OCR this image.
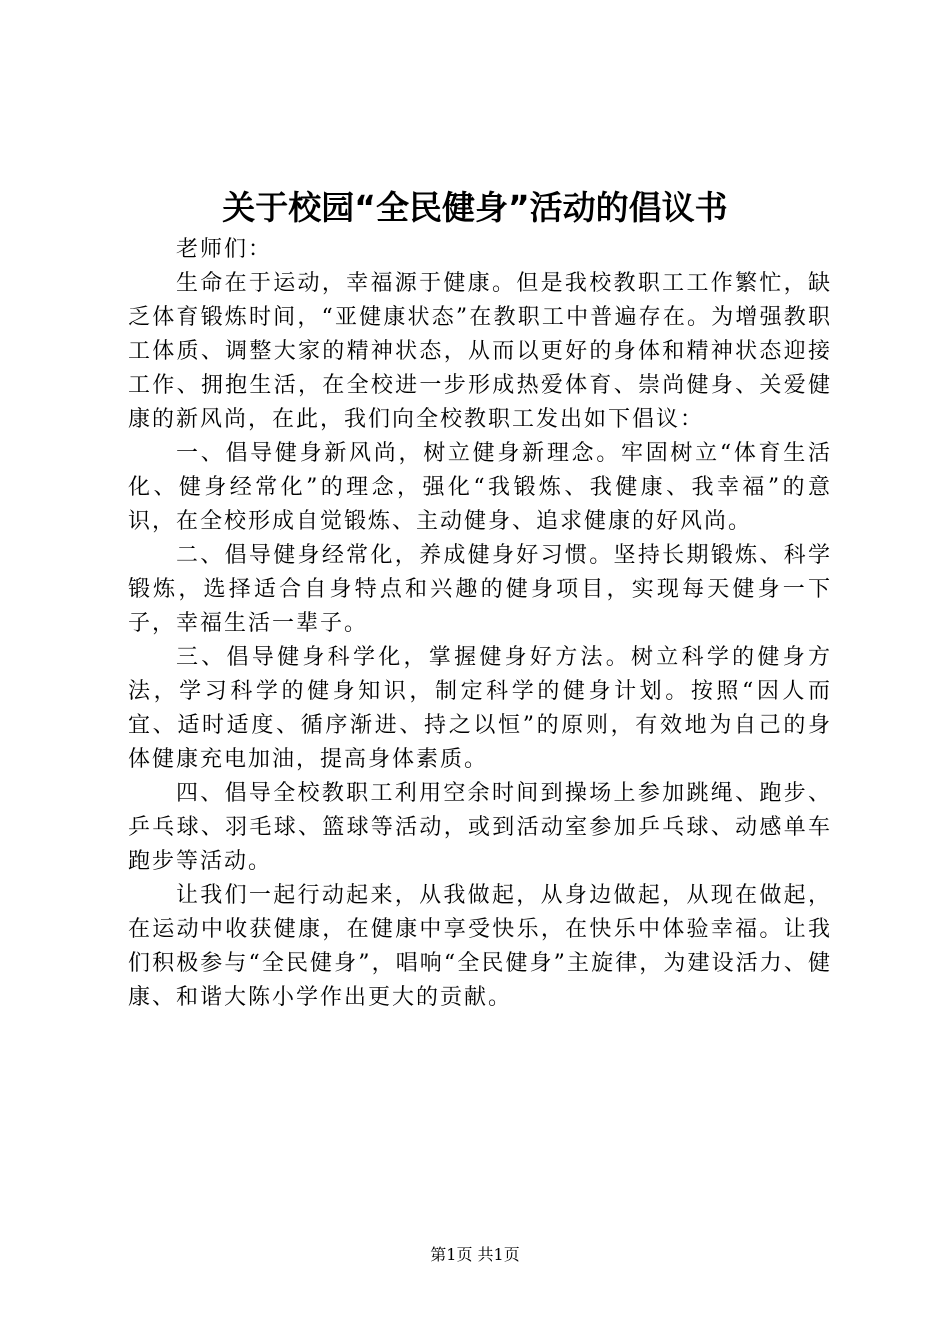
关于校园“全民健身”活动的倡议书

老师们：

生命在于运动，幸福源于健康。但是我校教职工工作繁忙，缺乏体育锻炼时间，“亚健康状态”在教职工中普遍存在。为增强教职工体质、调整大家的精神状态，从而以更好的身体和精神状态迎接工作、拥抱生活，在全校进一步形成热爱体育、崇尚健身、关爱健康的新风尚，在此，我们向全校教职工发出如下倡议：

一、倡导健身新风尚，树立健身新理念。牢固树立“体育生活化、健身经常化”的理念，强化“我锻炼、我健康、我幸福”的意识，在全校形成自觉锻炼、主动健身、追求健康的好风尚。

二、倡导健身经常化，养成健身好习惯。坚持长期锻炼、科学锻炼，选择适合自身特点和兴趣的健身项目，实现每天健身一下子，幸福生活一辈子。

三、倡导健身科学化，掌握健身好方法。树立科学的健身方法，学习科学的健身知识，制定科学的健身计划。按照“因人而宜、适时适度、循序渐进、持之以恒”的原则，有效地为自己的身体健康充电加油，提高身体素质。

四、倡导全校教职工利用空余时间到操场上参加跳绳、跑步、乒乓球、羽毛球、篮球等活动，或到活动室参加乒乓球、动感单车跑步等活动。

让我们一起行动起来，从我做起，从身边做起，从现在做起，在运动中收获健康，在健康中享受快乐，在快乐中体验幸福。让我们积极参与“全民健身”，唱响“全民健身”主旋律，为建设活力、健康、和谐大陈小学作出更大的贡献。

第1页 共1页
